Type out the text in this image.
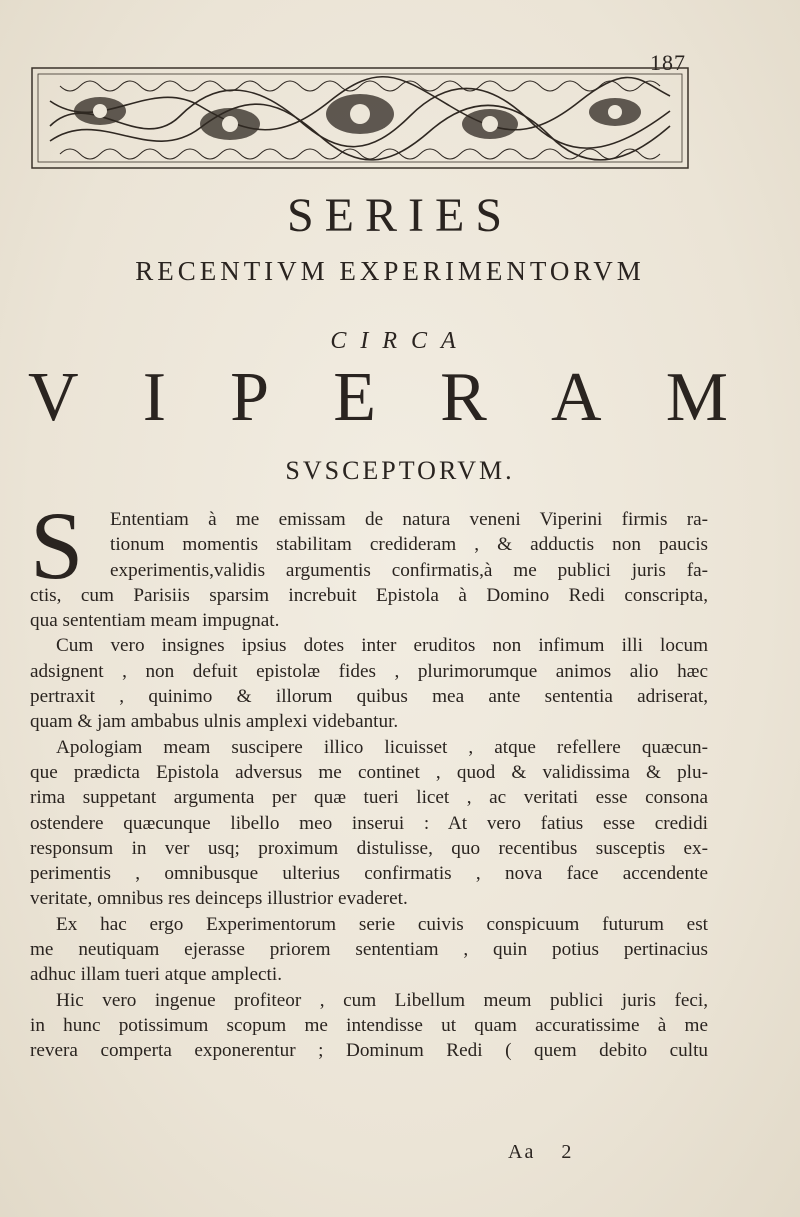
187
SERIES
RECENTIVM EXPERIMENTORVM
CIRCA
V I P E R A M
SVSCEPTORVM.
S	Ententiam à me emissam de natura veneni Viperini firmis ra-
tionum momentis stabilitam credideram , & adductis non paucis
experimentis,validis argumentis confirmatis,à me publici juris fa-
ctis, cum Parisiis sparsim increbuit Epistola à Domino Redi conscripta,
qua sententiam meam impugnat.
Cum vero insignes ipsius dotes inter eruditos non infimum illi locum
adsignent , non defuit epistolæ fides , plurimorumque animos alio hæc
pertraxit , quinimo & illorum quibus mea ante sententia adriserat,
quam & jam ambabus ulnis amplexi videbantur.
Apologiam meam suscipere illico licuisset , atque refellere quæcun-
que prædicta Epistola adversus me continet , quod & validissima & plu-
rima suppetant argumenta per quæ tueri licet , ac veritati esse consona
ostendere quæcunque libello meo inserui : At vero fatius esse credidi
responsum in ver usq; proximum distulisse, quo recentibus susceptis ex-
perimentis , omnibusque ulterius confirmatis , nova face accendente
veritate, omnibus res deinceps illustrior evaderet.
Ex hac ergo Experimentorum serie cuivis conspicuum futurum est
me neutiquam ejerasse priorem sententiam , quin potius pertinacius
adhuc illam tueri atque amplecti.
Hic vero ingenue profiteor , cum Libellum meum publici juris feci,
in hunc potissimum scopum me intendisse ut quam accuratissime à me
revera comperta exponerentur ; Dominum Redi ( quem debito cultu
Aa 2
